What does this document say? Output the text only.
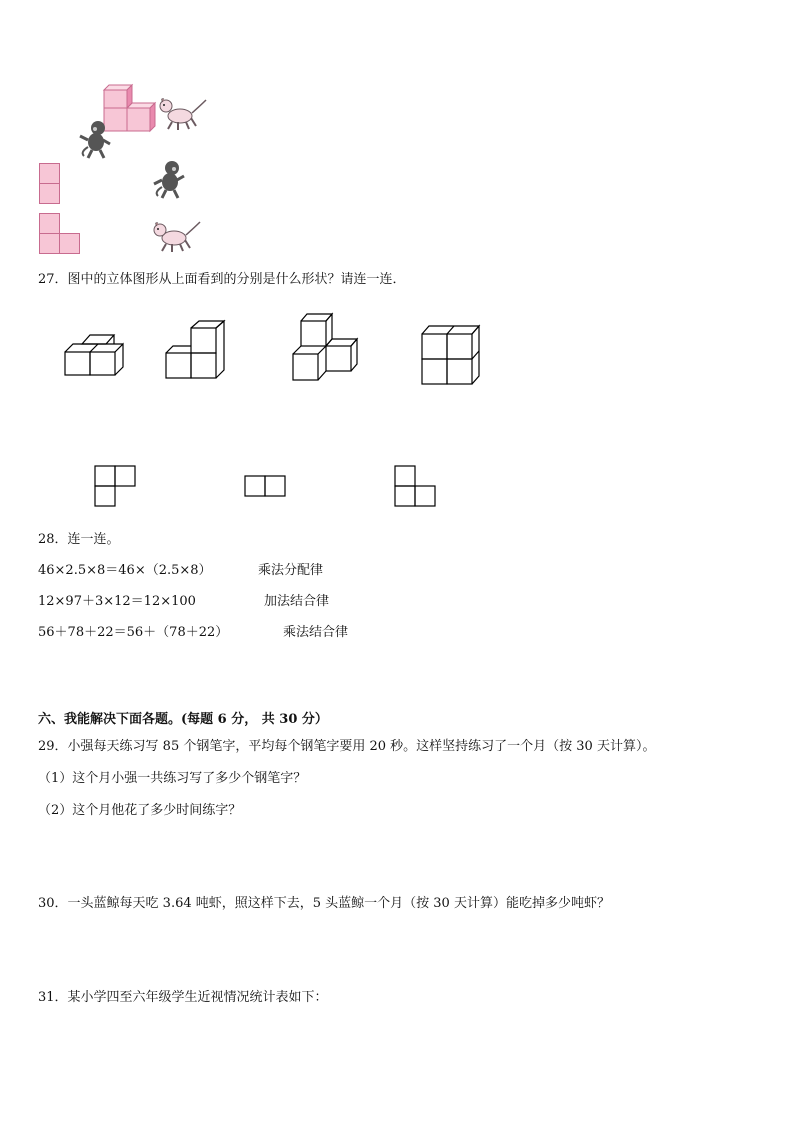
27．图中的立体图形从上面看到的分别是什么形状？请连一连．
28．连一连。
46×2.5×8＝46×（2.5×8）	乘法分配律
12×97＋3×12＝12×100	加法结合律
56＋78＋22＝56＋（78＋22）	乘法结合律
六、我能解决下面各题。(每题 6 分， 共 30 分）
29．小强每天练习写 85 个钢笔字，平均每个钢笔字要用 20 秒。这样坚持练习了一个月（按 30 天计算）。
（1）这个月小强一共练习写了多少个钢笔字？
（2）这个月他花了多少时间练字？
30．一头蓝鲸每天吃 3.64 吨虾，照这样下去，5 头蓝鲸一个月（按 30 天计算）能吃掉多少吨虾？
31．某小学四至六年级学生近视情况统计表如下：
